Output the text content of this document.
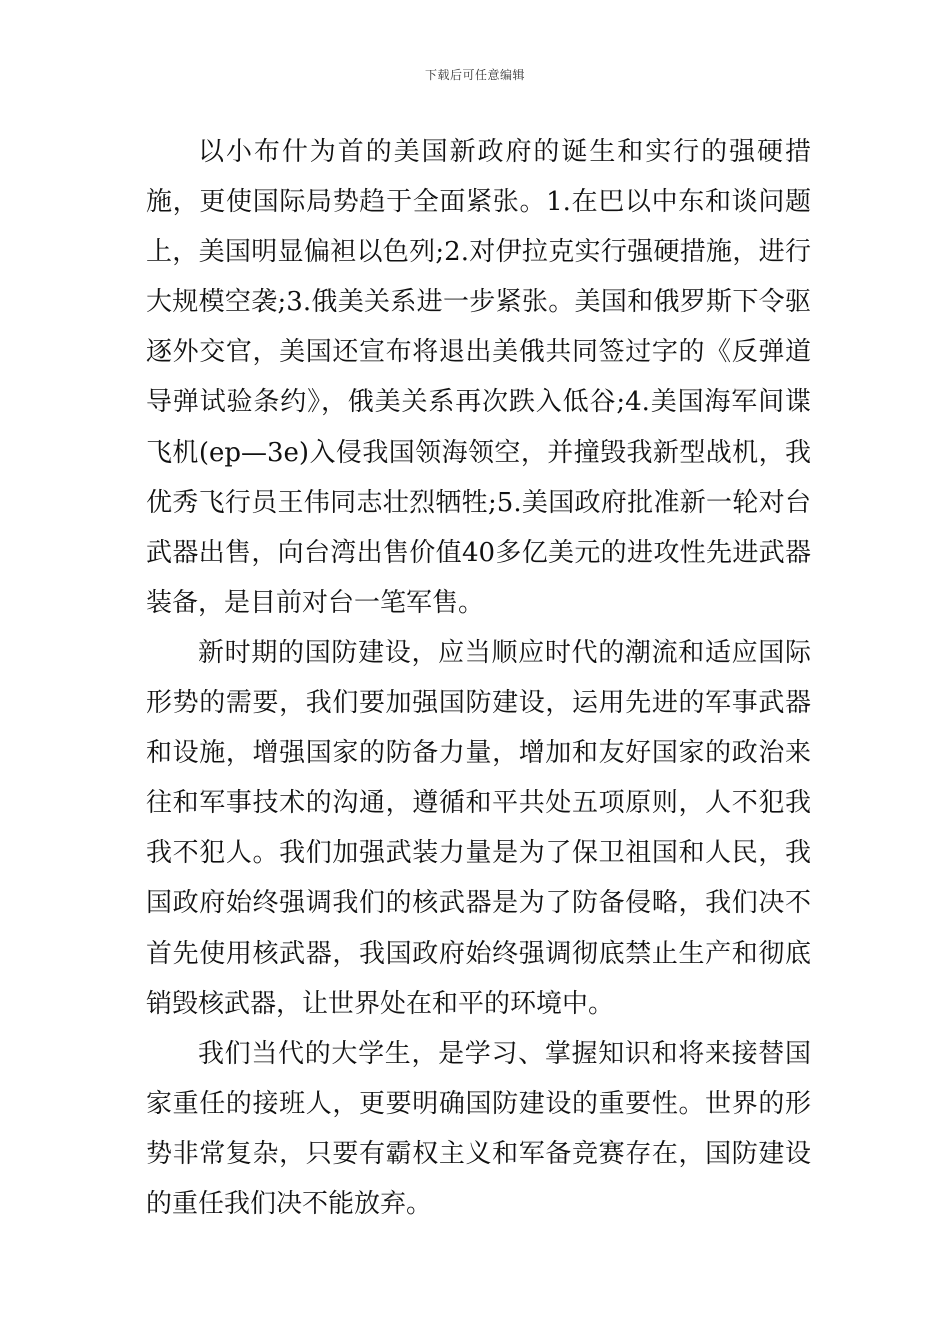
下载后可任意编辑

以小布什为首的美国新政府的诞生和实行的强硬措施，更使国际局势趋于全面紧张。1.在巴以中东和谈问题上，美国明显偏袒以色列;2.对伊拉克实行强硬措施，进行大规模空袭;3.俄美关系进一步紧张。美国和俄罗斯下令驱逐外交官，美国还宣布将退出美俄共同签过字的《反弹道导弹试验条约》，俄美关系再次跌入低谷;4.美国海军间谍飞机(ep—3e)入侵我国领海领空，并撞毁我新型战机，我优秀飞行员王伟同志壮烈牺牲;5.美国政府批准新一轮对台武器出售，向台湾出售价值40多亿美元的进攻性先进武器装备，是目前对台一笔军售。

新时期的国防建设，应当顺应时代的潮流和适应国际形势的需要，我们要加强国防建设，运用先进的军事武器和设施，增强国家的防备力量，增加和友好国家的政治来往和军事技术的沟通，遵循和平共处五项原则，人不犯我我不犯人。我们加强武装力量是为了保卫祖国和人民，我国政府始终强调我们的核武器是为了防备侵略，我们决不首先使用核武器，我国政府始终强调彻底禁止生产和彻底销毁核武器，让世界处在和平的环境中。

我们当代的大学生，是学习、掌握知识和将来接替国家重任的接班人，更要明确国防建设的重要性。世界的形势非常复杂，只要有霸权主义和军备竞赛存在，国防建设的重任我们决不能放弃。
